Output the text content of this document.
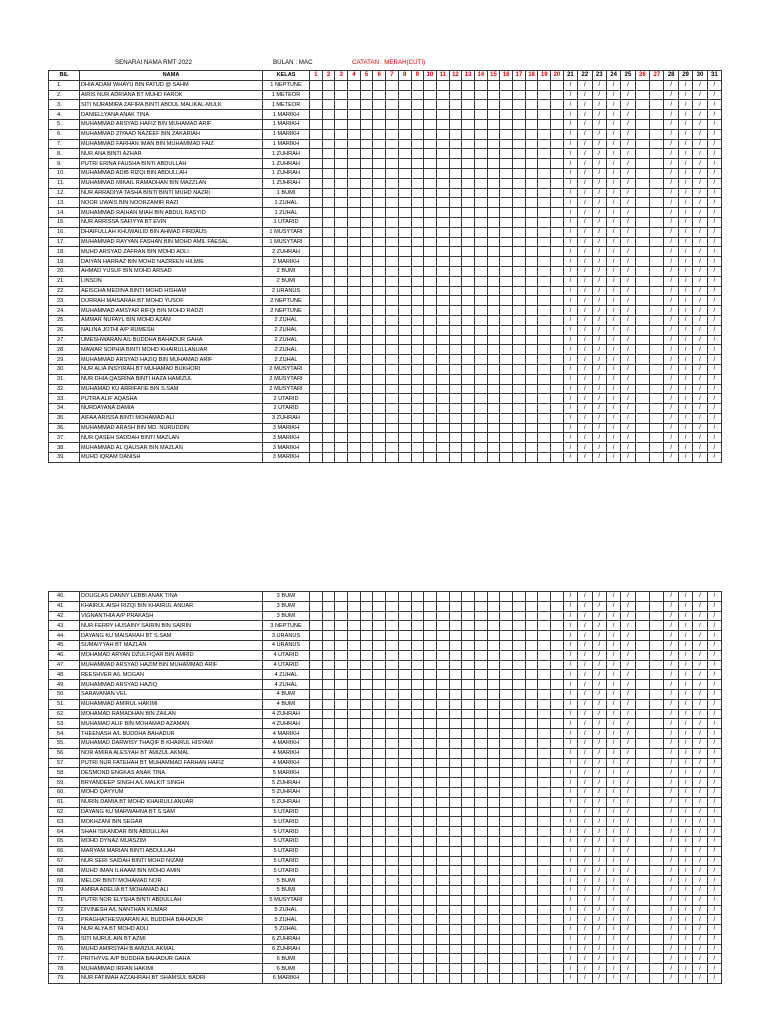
SENARAI NAMA RMT 2022	BULAN : MAC	CATATAN : MERAH(CUTI)
BIL	NAMA	KELAS	1	2	3	4	5	6	7	8	9	10	11	12	13	14	15	16	17	18	19	20	21	22	23	24	25	26	27	28	29	30	31
1.	DHIA ADAM WHAYU BIN FATUD @ SAHM	1 NEPTUNE																					/	/	/	/	/			/	/	/	/
2.	AIRIS NUR ADRIANA BT MUHD FAROK	1 METEOR																					/	/	/	/	/			/	/	/	/
3.	SITI NURAMIRA ZAFIRA BINTI ABDUL MALIKAL-MULK	1 METEOR																					/	/	/	/	/			/	/	/	/
4.	DANIELLYANA ANAK TINA	1 MARIKH																					/	/	/	/	/			/	/	/	/
5.	MUHAMMAD ARSYAD HAFIZ BIN MUHAMAD ARIF	1 MARIKH																					/	/	/	/	/			/	/	/	/
6.	MUHAMMAD ZIYAAD NAZEEF BIN ZAKARIAH	1 MARIKH																					/	/	/	/	/			/	/	/	/
7.	MUHAMMAD FARHAN IMAN BIN MUHAMMAD FAIZ	1 MARIKH																					/	/	/	/	/			/	/	/	/
8.	NUR ANA BINTI AZHAR	1 ZUHRAH																					/	/	/	/	/			/	/	/	/
9.	PUTRI ERINA FAUSHA BINTI ABDULLAH	1 ZUHRAH																					/	/	/	/	/			/	/	/	/
10.	MUHAMMAD ADIB RIZQI BIN ABDULLAH	1 ZUHRAH																					/	/	/	/	/			/	/	/	/
11.	MUHAMMAD MIKAIL RAMADHAN BIN MAZZLAN	1 ZUHRAH																					/	/	/	/	/			/	/	/	/
12.	NUR ARRADIYA TASHA BINTI BINTI MUHD NAZRI	1 BUMI																					/	/	/	/	/			/	/	/	/
13.	NOOR UWAIS BIN NOORZAMIR RAZI	1 ZUHAL																					/	/	/	/	/			/	/	/	/
14.	MUHAMMAD RAIHAN MIAH BIN ABDUL RASYID	1 ZUHAL																					/	/	/	/	/			/	/	/	/
15.	NUR ARRISSA SAFIYYA BT EVIN	1 UTARID																					/	/	/	/	/			/	/	/	/
16.	DHAIFULLAH KHUWAILID BIN AHMAD FIRDAUS	1 MUSYTARI																					/	/	/	/	/			/	/	/	/
17.	MUHAMMAD RAYYAN FASHAN BIN MOHD AMIL FAESAL	1 MUSYTARI																					/	/	/	/	/			/	/	/	/
18.	MUHD ARSYAD ZAFRAN BIN MOHD ADLI	2 ZUHRAH																					/	/	/	/	/			/	/	/	/
19.	DAIYAN HARRAZ BIN MOHD NAZREEN HILMIE	2 MARIKH																					/	/	/	/	/			/	/	/	/
20.	AHMAD YUSUF BIN MOHD ARSAD	2 BUMI																					/	/	/	/	/			/	/	/	/
21.	LINSON	2 BUMI																					/	/	/	/	/			/	/	/	/
22.	AEISCHA MEDINA BINTI MOHD HISHAM	2 URANUS																					/	/	/	/	/			/	/	/	/
23.	DURRAH MAISARAH BT MOHD YUSOF	2 NEPTUNE																					/	/	/	/	/			/	/	/	/
24.	MUHAMMAD AMSYAR RIFQI BIN MOHD RADZI	2 NEPTUNE																					/	/	/	/	/			/	/	/	/
25.	AMMAR NUFAYL BIN MOHD AZAM	2 ZUHAL																					/	/	/	/	/			/	/	/	/
26.	NALINA JOTHI A/P RUMESH	2 ZUHAL																					/	/	/	/	/			/	/	/	/
27.	UMESHWARAN A/L BUDDHA BAHADUR GAHA	2 ZUHAL																					/	/	/	/	/			/	/	/	/
28.	MAWAR SOPHIA BINTI MOHD KHAIRULLANUAR	2 ZUHAL																					/	/	/	/	/			/	/	/	/
29.	MUHAMMAD ARSYAD HAZIQ BIN MUHAMAD ARIF	2 ZUHAL																					/	/	/	/	/			/	/	/	/
30.	NUR ALIA INSYIRAH BT MUHAMAD BUKHORI	2 MUSYTARI																					/	/	/	/	/			/	/	/	/
31.	NUR DHIA QASRINA BINTI HAZA HAMIZUL	2 MUSYTARI																					/	/	/	/	/			/	/	/	/
32.	MUHAMAD KU ARRIFAI'IE BIN S.SAM	2 MUSYTARI																					/	/	/	/	/			/	/	/	/
33.	PUTRA ALIF AQASHA	2 UTARID																					/	/	/	/	/			/	/	/	/
34.	NURDAYANA DAMIA	2 UTARID																					/	/	/	/	/			/	/	/	/
35.	AIFAA ARISSA BINTI MOHAMAD ALI	3 ZUHRAH																					/	/	/	/	/			/	/	/	/
36.	MUHAMMAD ARASH BIN MD. NURUDDIN	3 MARIKH																					/	/	/	/	/			/	/	/	/
37.	NUR QASEH SADDAH BINTI MAZLAN	3 MARIKH																					/	/	/	/	/			/	/	/	/
38.	MUHAMMAD AL QAUSAR BIN MAZLAN	3 MARIKH																					/	/	/	/	/			/	/	/	/
39.	MUHD IQRAM DANISH	3 MARIKH																					/	/	/	/	/			/	/	/	/
40.	DOUGLAS DANNY LEBBI ANAK TINA	3 BUMI																					/	/	/	/	/			/	/	/	/
41.	KHAIRUL AISH RIZQI BIN KHAIRUL ANUAR	3 BUMI																					/	/	/	/	/			/	/	/	/
42.	VIGNANTHIA A/P PRAKASH	3 BUMI																					/	/	/	/	/			/	/	/	/
43.	NUR FERRY HUSAINY SAIRIN BIN SAIRIN	3 NEPTUNE																					/	/	/	/	/			/	/	/	/
44.	DAYANG KU MAISARAH BT S.SAM	3 URANUS																					/	/	/	/	/			/	/	/	/
45.	SUMAIYYAH BT MAZLAN	4 URANUS																					/	/	/	/	/			/	/	/	/
46.	MOHAMAD ARYAN DZULFIQAR BIN AMRID	4 UTARID																					/	/	/	/	/			/	/	/	/
47.	MUHAMMAD ARSYAD HAZIM BIN MUHAMMAD ARIF	4 UTARID																					/	/	/	/	/			/	/	/	/
48.	REESHVER A/L MOGAN	4 ZUHAL																					/	/	/	/	/			/	/	/	/
49.	MUHAMMAD ARSYAD HAZIQ	4 ZUHAL																					/	/	/	/	/			/	/	/	/
50.	SARAVANAN VEL	4 BUMI																					/	/	/	/	/			/	/	/	/
51.	MUHAMMAD AMIRUL HAKIMI	4 BUMI																					/	/	/	/	/			/	/	/	/
52.	MOHAMAD RAMADHAN BIN ZAILAN	4 ZUHRAH																					/	/	/	/	/			/	/	/	/
53.	MUHAMAD ALIF BIN MOHAMAD AZAMAN	4 ZUHRAH																					/	/	/	/	/			/	/	/	/
54.	THEENASH A/L BUDDHA BAHADUR	4 MARIKH																					/	/	/	/	/			/	/	/	/
55.	MUHAMAD DARWISY THAQIF B KHAIRUL HISYAM	4 MARIKH																					/	/	/	/	/			/	/	/	/
56.	NOR AMIRA ALESYAH BT AMIZUL AKMAL	4 MARIKH																					/	/	/	/	/			/	/	/	/
57.	PUTRI NUR FATEHAH BT MUHAMMAD FARHAN HAFIZ	4 MARIKH																					/	/	/	/	/			/	/	/	/
58.	DESMOND ENGKAS ANAK TINA	5 MARIKH																					/	/	/	/	/			/	/	/	/
59.	BRYANDEEP SINGH A/L MALKIT SINGH	5 ZUHRAH																					/	/	/	/	/			/	/	/	/
60.	MOHD QAYYUM	5 ZUHRAH																					/	/	/	/	/			/	/	/	/
61.	NURIN DAMIA BT MOHD KHAIRULLANUAR	5 ZUHRAH																					/	/	/	/	/			/	/	/	/
62.	DAYANG KU MARWAHNA BT S.SAM	5 UTARID																					/	/	/	/	/			/	/	/	/
63.	MOKHZANI BIN SEGAR	5 UTARID																					/	/	/	/	/			/	/	/	/
64.	SHAH ISKANDAR BIN ABDULLAH	5 UTARID																					/	/	/	/	/			/	/	/	/
65.	MOHD DYNAZ MUASZIM	5 UTARID																					/	/	/	/	/			/	/	/	/
66.	MARYAM MARIAN BINTI ABDULLAH	5 UTARID																					/	/	/	/	/			/	/	/	/
67.	NUR SERI SAIDAH BINTI MOHD NIZAM	5 UTARID																					/	/	/	/	/			/	/	/	/
68.	MUHD IMAN ILHAAM BIN MOHD AMIN	5 UTARID																					/	/	/	/	/			/	/	/	/
69.	MELOR BINTI MOHAMAD NOR	5 BUMI																					/	/	/	/	/			/	/	/	/
70.	AMIRA ADELIA BT MOHAMAD ALI	5 BUMI																					/	/	/	/	/			/	/	/	/
71.	PUTRI NOR ELYSHA BINTI ABDULLAH	5 MUSYTARI																					/	/	/	/	/			/	/	/	/
72.	DIVINESH A/L NANTHAN KUMAR	5 ZUHAL																					/	/	/	/	/			/	/	/	/
73.	PRAGHATHESWARAN A/L BUDDHA BAHADUR	5 ZUHAL																					/	/	/	/	/			/	/	/	/
74.	NUR ALYA BT MOHD ADLI	5 ZUHAL																					/	/	/	/	/			/	/	/	/
75.	SITI NURUL AIN BT AZMI	6 ZUHRAH																					/	/	/	/	/			/	/	/	/
76.	MUHD AMIRSYAH B AMIZUL AKMAL	6 ZUHRAH																					/	/	/	/	/			/	/	/	/
77.	PRITHYVE A/P BUDDHA BAHADUR GAHA	6 BUMI																					/	/	/	/	/			/	/	/	/
78.	MUHAMMAD IRFAN HAKIMI	6 BUMI																					/	/	/	/	/			/	/	/	/
79.	NUR FATIMAH AZZAHRAH BT SHAMSUL BADRI	6 MARIKH																					/	/	/	/	/			/	/	/	/
